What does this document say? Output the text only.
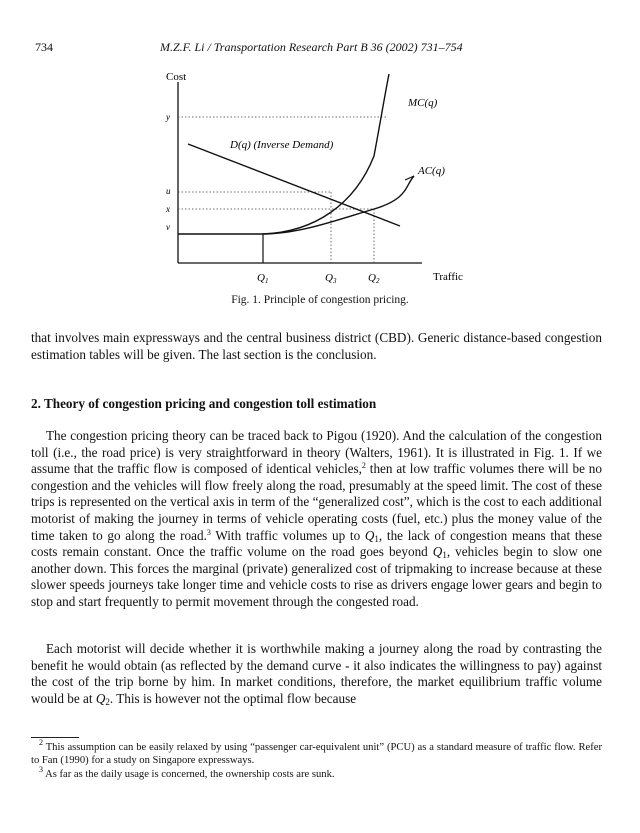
734	M.Z.F. Li / Transportation Research Part B 36 (2002) 731–754
Cost
Traffic
y
u
x
v
Q1	Q3	Q2
MC(q)
AC(q)
D(q) (Inverse Demand)
Fig. 1. Principle of congestion pricing.

that involves main expressways and the central business district (CBD). Generic distance-based congestion estimation tables will be given. The last section is the conclusion.

2. Theory of congestion pricing and congestion toll estimation

The congestion pricing theory can be traced back to Pigou (1920). And the calculation of the congestion toll (i.e., the road price) is very straightforward in theory (Walters, 1961). It is illustrated in Fig. 1. If we assume that the traffic flow is composed of identical vehicles,$^2$ then at low traffic volumes there will be no congestion and the vehicles will flow freely along the road, presumably at the speed limit. The cost of these trips is represented on the vertical axis in term of the “generalized cost”, which is the cost to each additional motorist of making the journey in terms of vehicle operating costs (fuel, etc.) plus the money value of the time taken to go along the road.$^3$ With traffic volumes up to $Q_1$, the lack of congestion means that these costs remain constant. Once the traffic volume on the road goes beyond $Q_1$, vehicles begin to slow one another down. This forces the marginal (private) generalized cost of tripmaking to increase because at these slower speeds journeys take longer time and vehicle costs to rise as drivers engage lower gears and begin to stop and start frequently to permit movement through the congested road.

Each motorist will decide whether it is worthwhile making a journey along the road by contrasting the benefit he would obtain (as reflected by the demand curve - it also indicates the willingness to pay) against the cost of the trip borne by him. In market conditions, therefore, the market equilibrium traffic volume would be at $Q_2$. This is however not the optimal flow because

$^2$ This assumption can be easily relaxed by using “passenger car-equivalent unit” (PCU) as a standard measure of traffic flow. Refer to Fan (1990) for a study on Singapore expressways.

$^3$ As far as the daily usage is concerned, the ownership costs are sunk.
